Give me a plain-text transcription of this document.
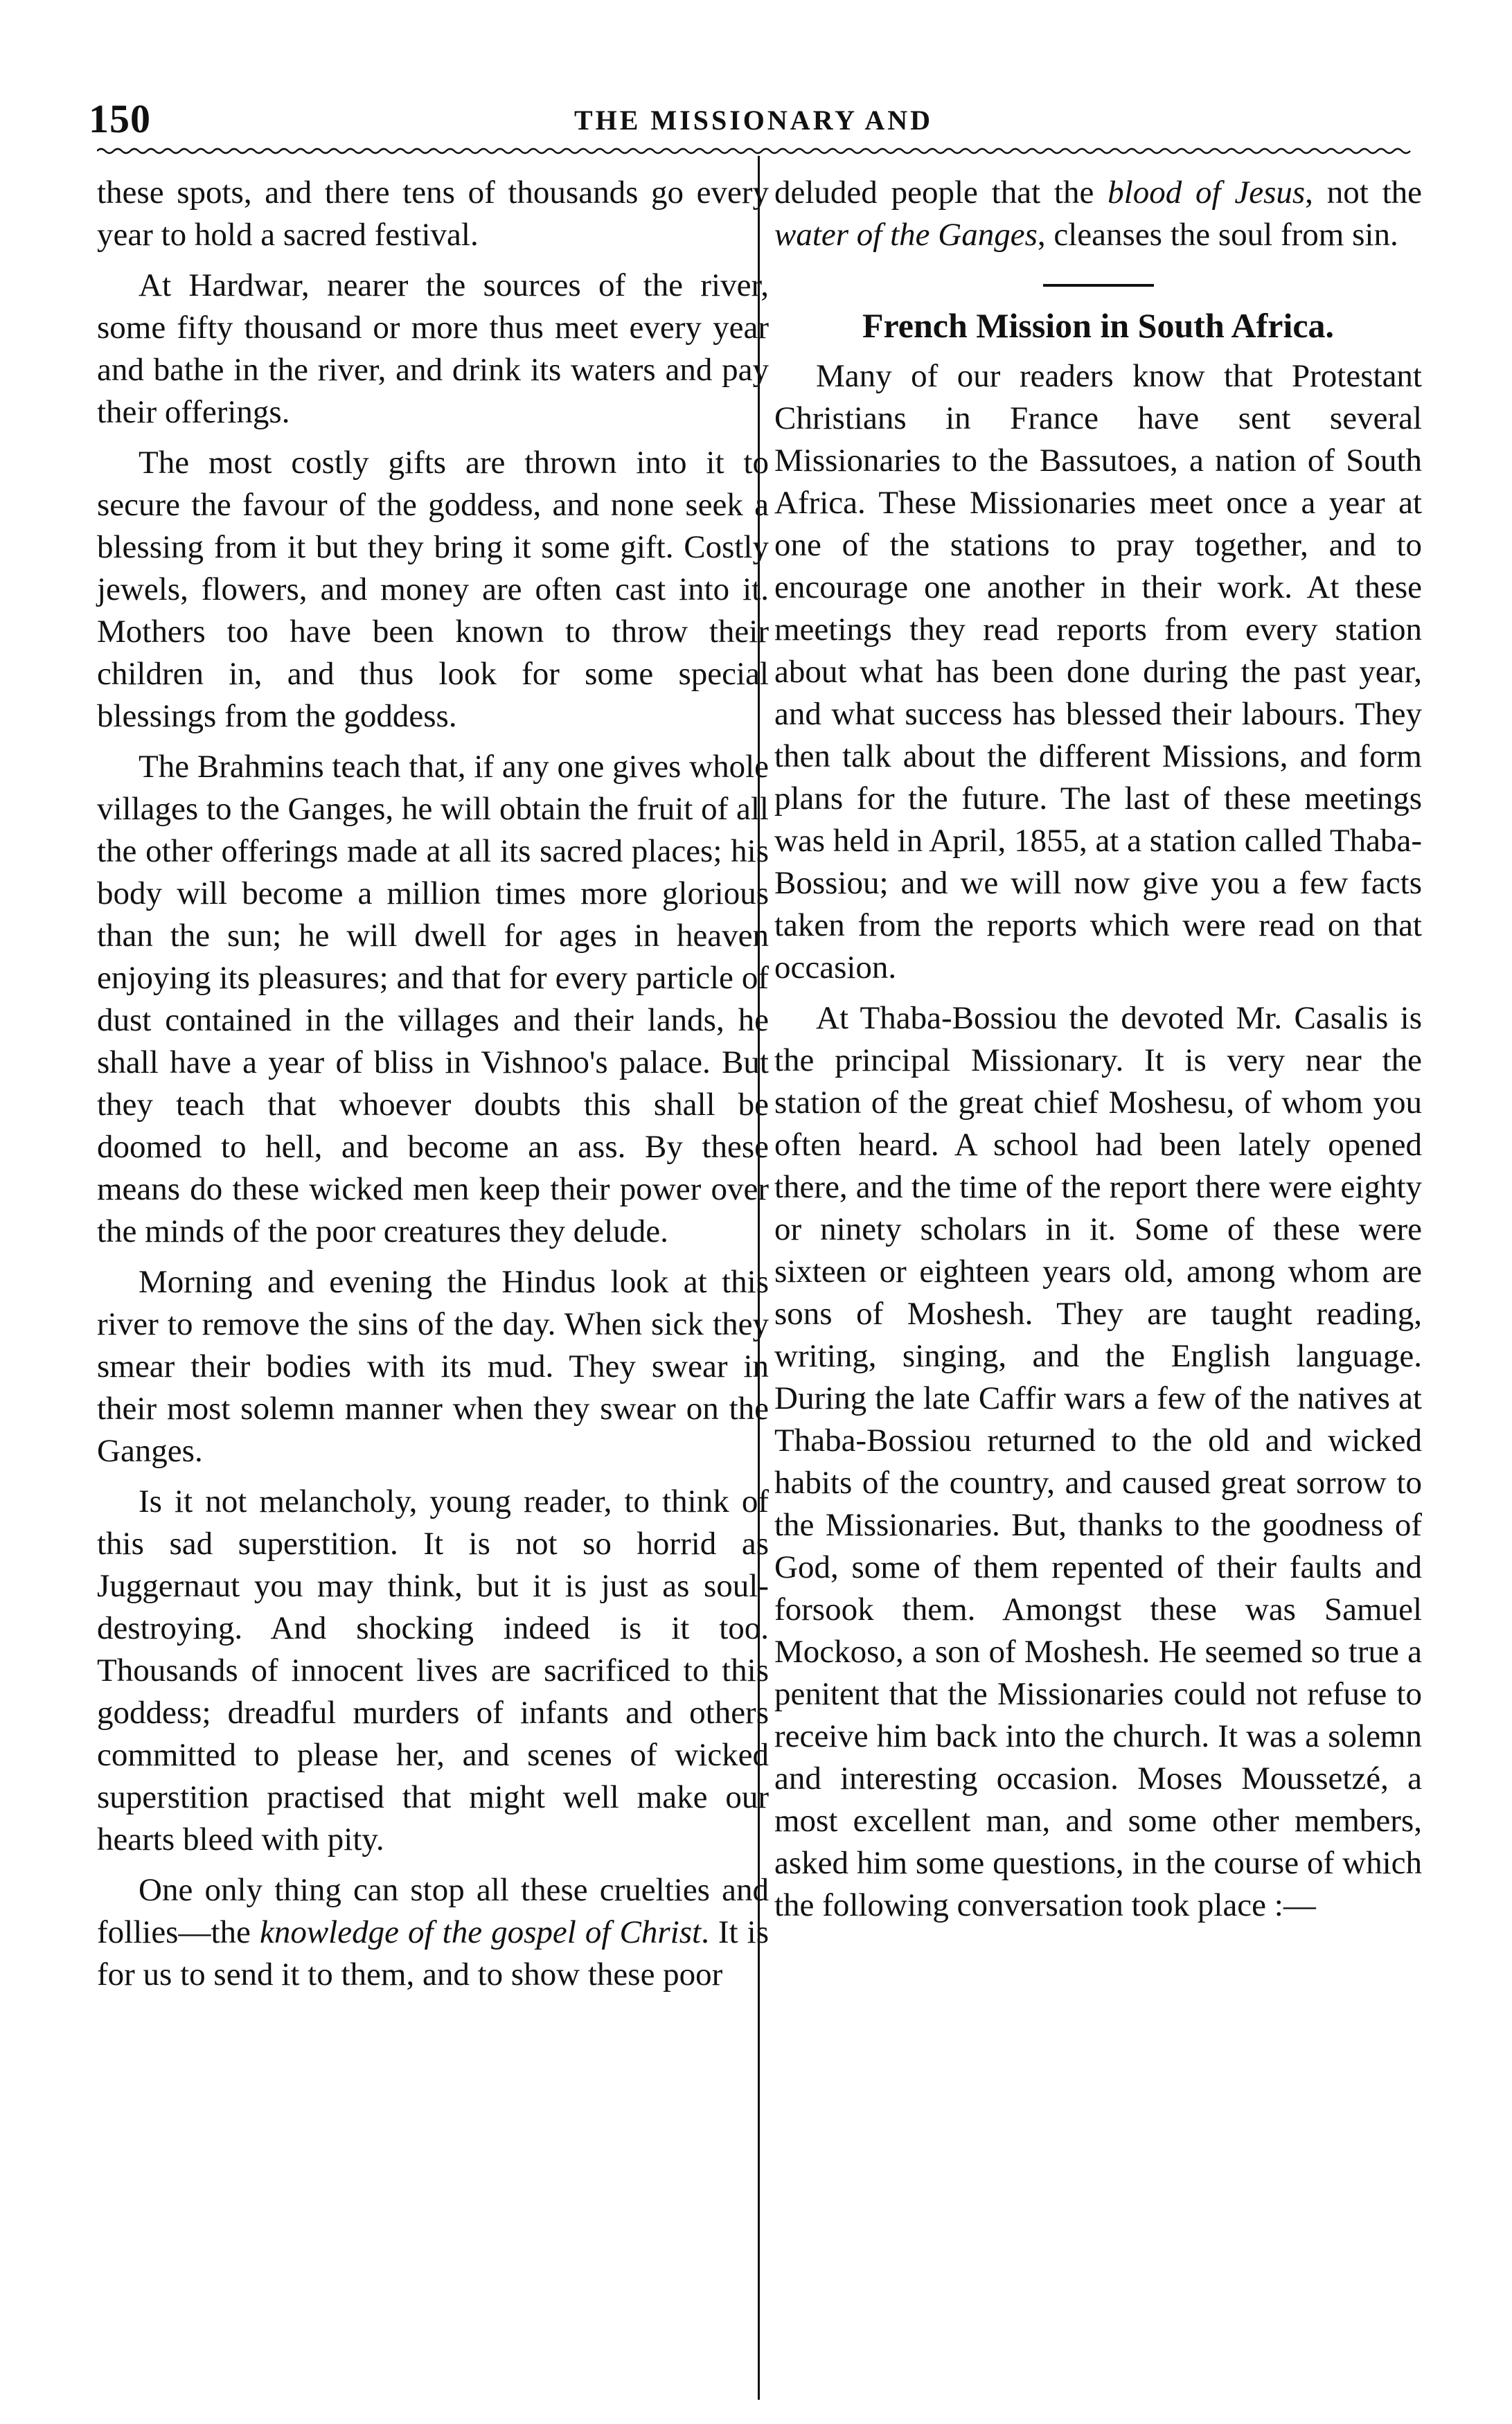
150	THE MISSIONARY AND

these spots, and there tens of thousands go every year to hold a sacred festival.

At Hardwar, nearer the sources of the river, some fifty thousand or more thus meet every year and bathe in the river, and drink its waters and pay their offerings.

The most costly gifts are thrown into it to secure the favour of the goddess, and none seek a blessing from it but they bring it some gift. Costly jewels, flowers, and money are often cast into it. Mothers too have been known to throw their children in, and thus look for some special blessings from the goddess.

The Brahmins teach that, if any one gives whole villages to the Ganges, he will obtain the fruit of all the other offerings made at all its sacred places; his body will become a million times more glorious than the sun; he will dwell for ages in heaven enjoying its pleasures; and that for every particle of dust contained in the villages and their lands, he shall have a year of bliss in Vishnoo's palace. But they teach that whoever doubts this shall be doomed to hell, and become an ass. By these means do these wicked men keep their power over the minds of the poor creatures they delude.

Morning and evening the Hindus look at this river to remove the sins of the day. When sick they smear their bodies with its mud. They swear in their most solemn manner when they swear on the Ganges.

Is it not melancholy, young reader, to think of this sad superstition. It is not so horrid as Juggernaut you may think, but it is just as soul-destroying. And shocking indeed is it too. Thousands of innocent lives are sacrificed to this goddess; dreadful murders of infants and others committed to please her, and scenes of wicked superstition practised that might well make our hearts bleed with pity.

One only thing can stop all these cruelties and follies—the knowledge of the gospel of Christ. It is for us to send it to them, and to show these poor

deluded people that the blood of Jesus, not the water of the Ganges, cleanses the soul from sin.

French Mission in South Africa.

Many of our readers know that Protestant Christians in France have sent several Missionaries to the Bassutoes, a nation of South Africa. These Missionaries meet once a year at one of the stations to pray together, and to encourage one another in their work. At these meetings they read reports from every station about what has been done during the past year, and what success has blessed their labours. They then talk about the different Missions, and form plans for the future. The last of these meetings was held in April, 1855, at a station called Thaba-Bossiou; and we will now give you a few facts taken from the reports which were read on that occasion.

At Thaba-Bossiou the devoted Mr. Casalis is the principal Missionary. It is very near the station of the great chief Moshesu, of whom you often heard. A school had been lately opened there, and the time of the report there were eighty or ninety scholars in it. Some of these were sixteen or eighteen years old, among whom are sons of Moshesh. They are taught reading, writing, singing, and the English language. During the late Caffir wars a few of the natives at Thaba-Bossiou returned to the old and wicked habits of the country, and caused great sorrow to the Missionaries. But, thanks to the goodness of God, some of them repented of their faults and forsook them. Amongst these was Samuel Mockoso, a son of Moshesh. He seemed so true a penitent that the Missionaries could not refuse to receive him back into the church. It was a solemn and interesting occasion. Moses Moussetzé, a most excellent man, and some other members, asked him some questions, in the course of which the following conversation took place :—
